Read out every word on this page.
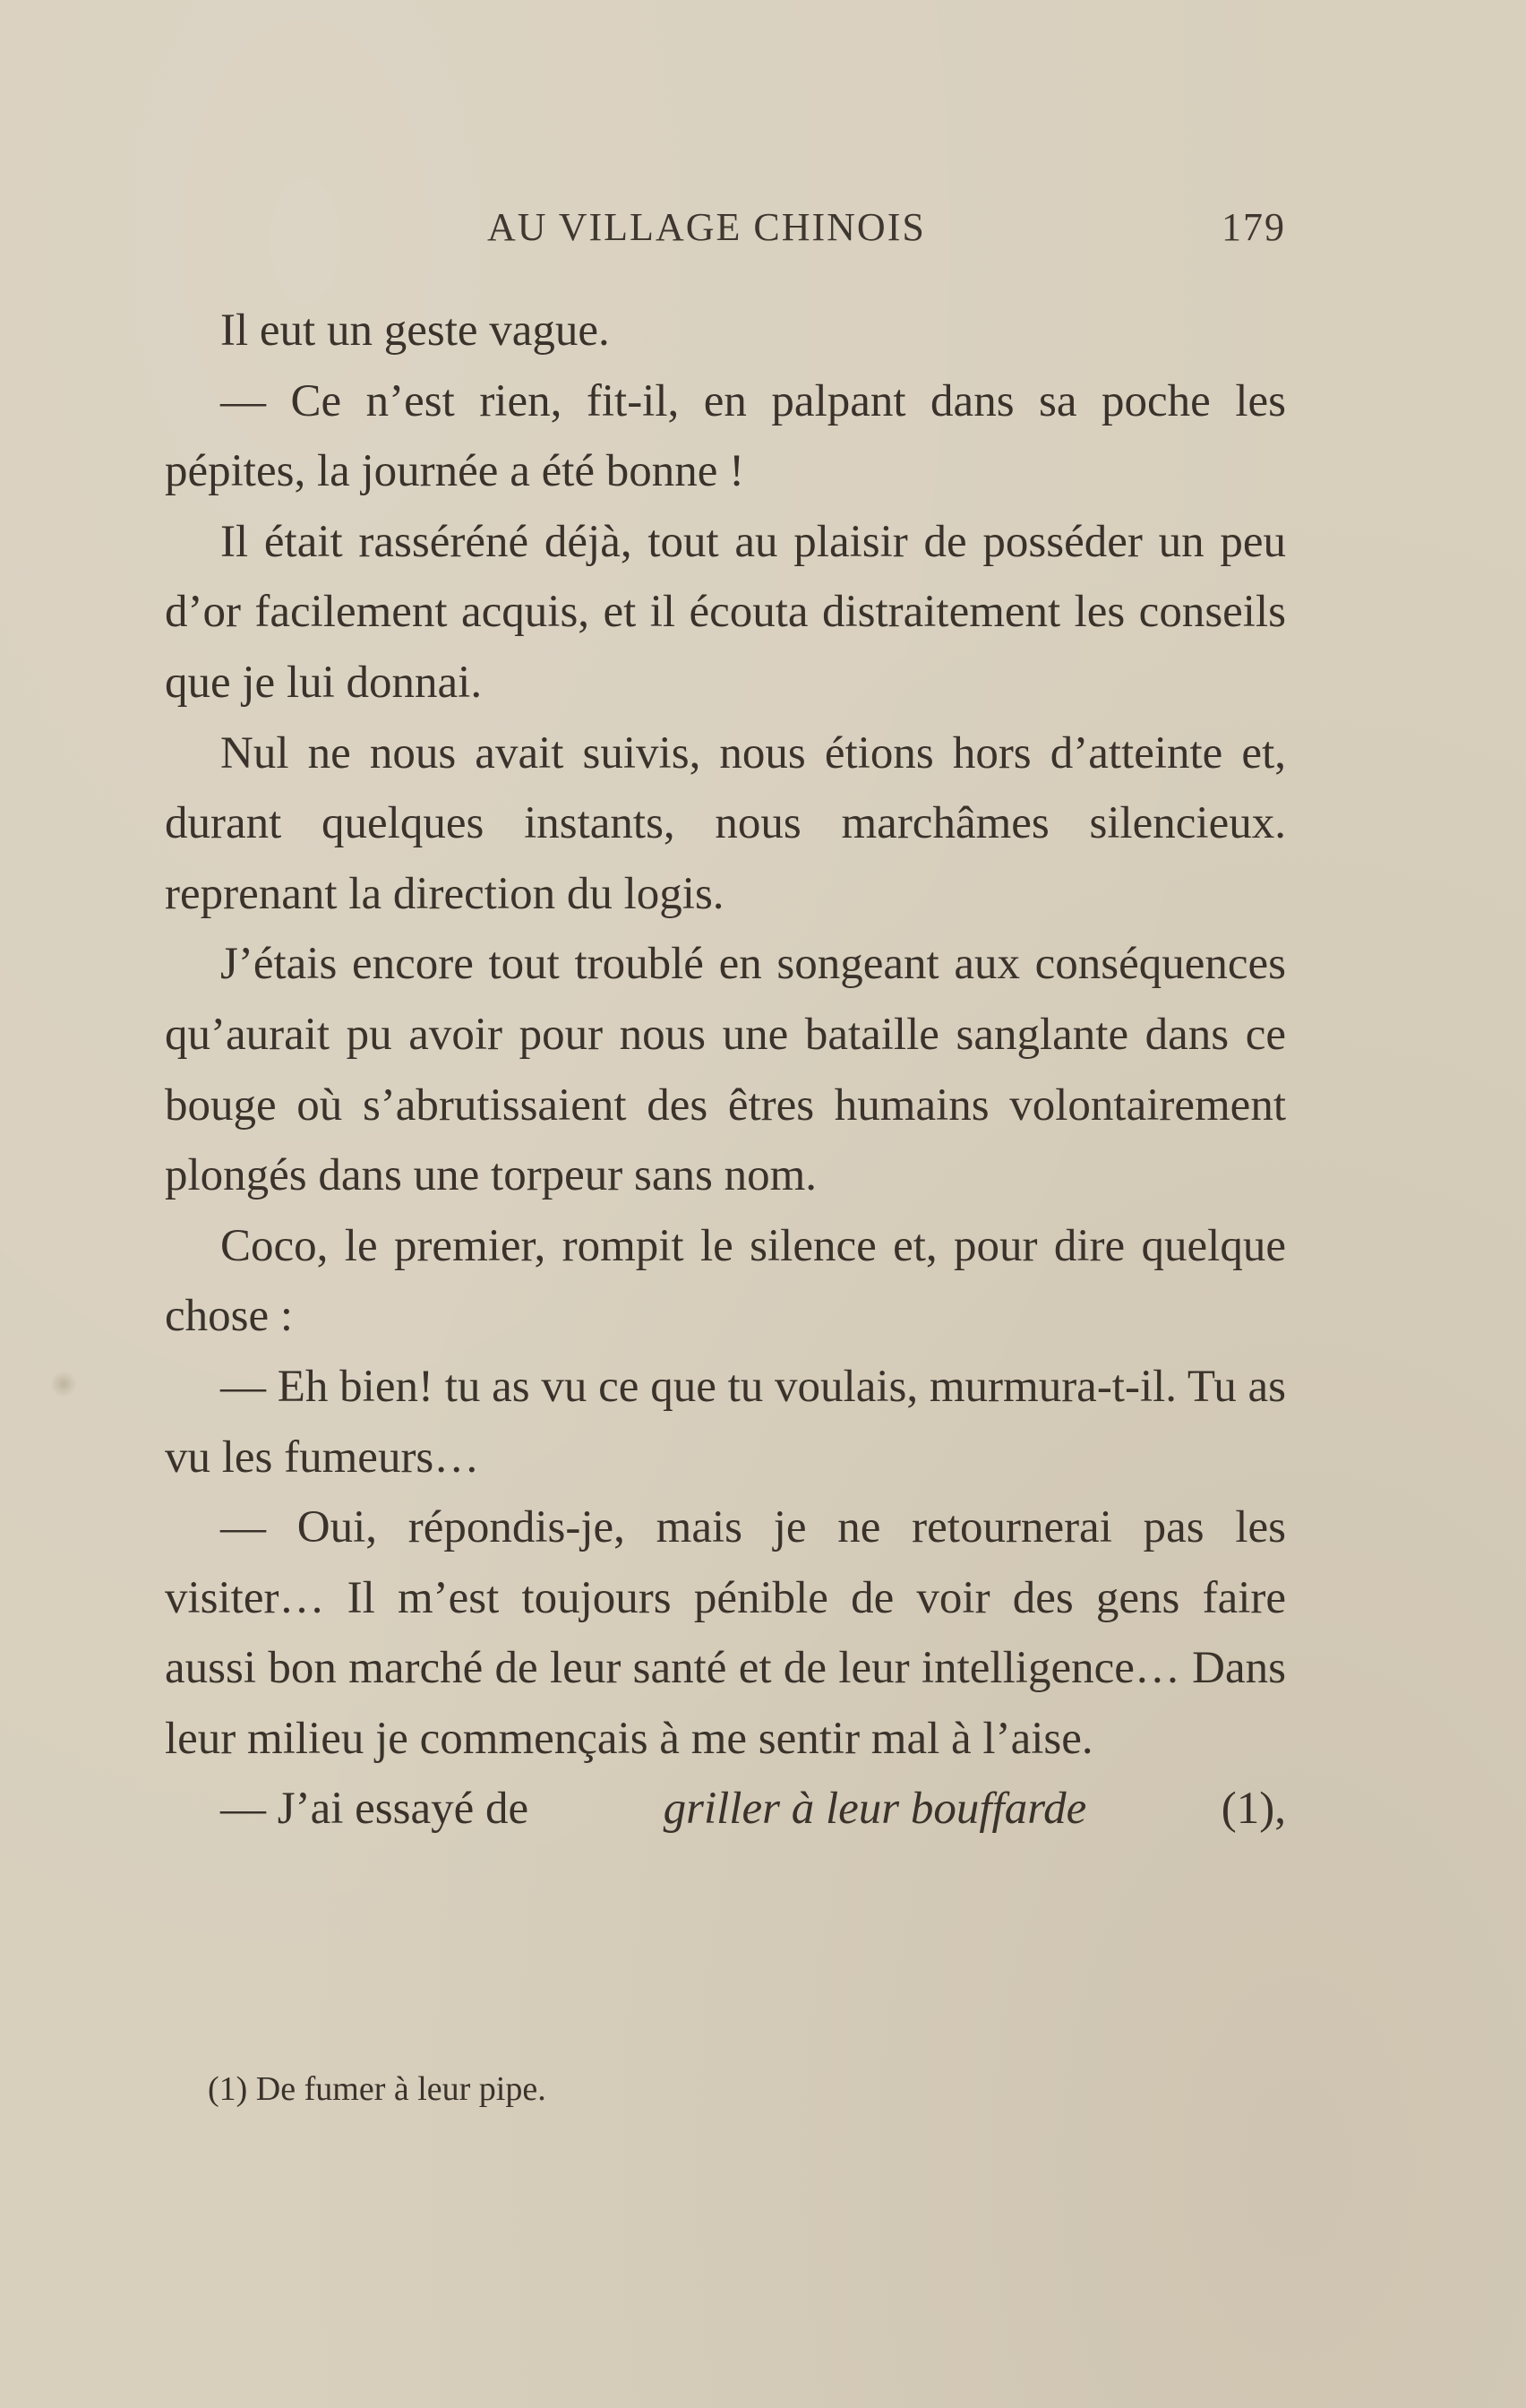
AU VILLAGE CHINOIS	179

Il eut un geste vague.

— Ce n’est rien, fit-il, en palpant dans sa poche les pépites, la journée a été bonne !

Il était rasséréné déjà, tout au plaisir de posséder un peu d’or facilement acquis, et il écouta distraitement les conseils que je lui donnai.

Nul ne nous avait suivis, nous étions hors d’atteinte et, durant quelques instants, nous marchâmes silencieux. reprenant la direction du logis.

J’étais encore tout troublé en songeant aux conséquences qu’aurait pu avoir pour nous une bataille sanglante dans ce bouge où s’abrutissaient des êtres humains volontairement plongés dans une torpeur sans nom.

Coco, le premier, rompit le silence et, pour dire quelque chose :

— Eh bien! tu as vu ce que tu voulais, murmura-t-il. Tu as vu les fumeurs…

— Oui, répondis-je, mais je ne retournerai pas les visiter… Il m’est toujours pénible de voir des gens faire aussi bon marché de leur santé et de leur intelligence… Dans leur milieu je commençais à me sentir mal à l’aise.

— J’ai essayé de	griller à leur bouffarde	(1),
(1) De fumer à leur pipe.
